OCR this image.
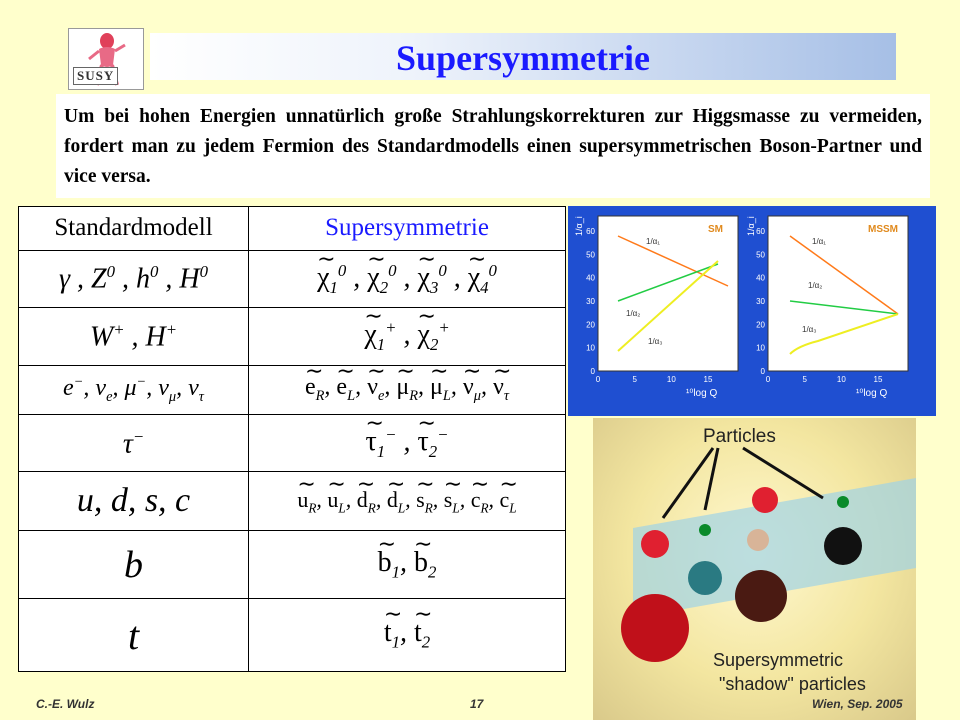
SUSY	Supersymmetrie
Um bei hohen Energien unnatürlich große Strahlungskorrekturen zur Higgsmasse zu vermeiden, fordert man zu jedem Fermion des Standardmodells einen supersymmetrischen Boson-Partner und vice versa.
Standardmodell	Supersymmetrie
γ , $Z^0$ , $h^0$ , $H^0$	∼ $\chi_1^0$ , ∼ $\chi_2^0$ , ∼ $\chi_3^0$ , ∼ $\chi_4^0$
W+ , H+	∼ $\chi_1^+$ , ∼ $\chi_2^+$
e−, $\nu_e$, μ−, $\nu_\mu$, $\nu_\tau$	∼ $e_R$, ∼ $e_L$, ∼ $\nu_e$, ∼ $\mu_R$, ∼ $\mu_L$, ∼ $\nu_\mu$, ∼ $\nu_\tau$
τ−	∼ $\tau_1^-$ , ∼ $\tau_2^-$
u, d, s, c	∼ $u_R$, ∼ $u_L$, ∼ $d_R$, ∼ $d_L$, ∼ $s_R$, ∼ $s_L$, ∼ $c_R$, ∼ $c_L$
b	∼ $b_1$, ∼ $b_2$
t	∼ $t_1$, ∼ $t_2$
SM
1/α_i
¹⁰log Q
0
10
20
30
40
50
60
0	5	10	15
1/α₁
1/α₂
1/α₃
MSSM
1/α_i
¹⁰log Q
0
10
20
30
40
50
60
0	5	10	15
1/α₁
1/α₂
1/α₃
Particles
Supersymmetric
"shadow" particles
C.-E. Wulz	17	Wien, Sep. 2005
